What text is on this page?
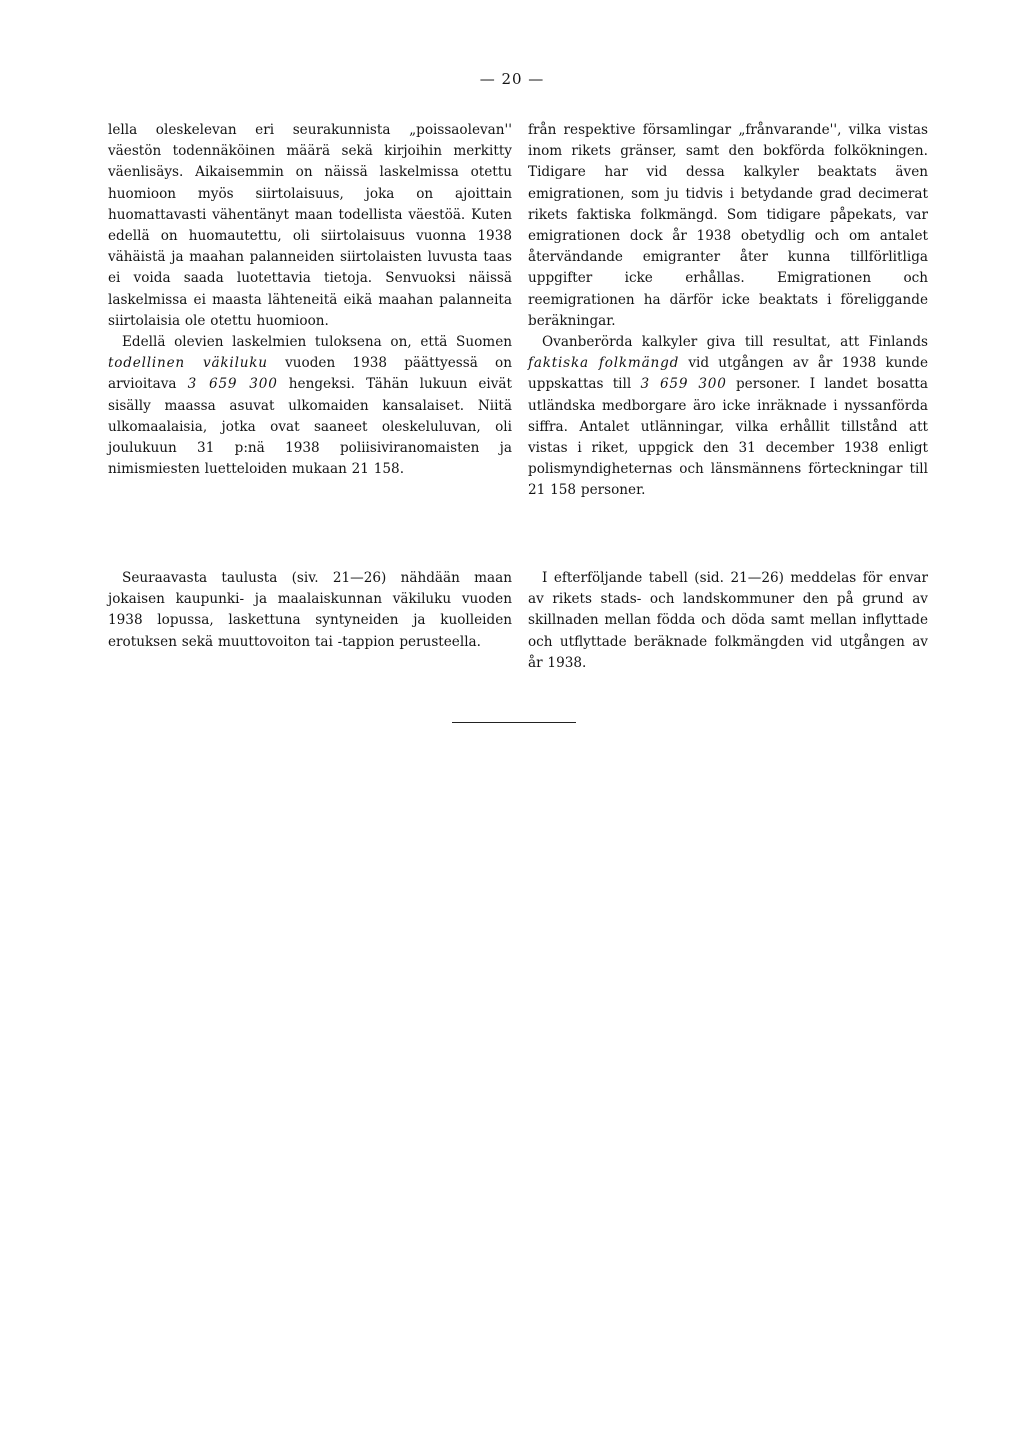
— 20 —

lella oleskelevan eri seurakunnista „poissaolevan'' väestön todennäköinen määrä sekä kirjoihin merkitty väenlisäys. Aikaisemmin on näissä laskelmissa otettu huomioon myös siirtolaisuus, joka on ajoittain huomattavasti vähentänyt maan todellista väestöä. Kuten edellä on huomautettu, oli siirtolaisuus vuonna 1938 vähäistä ja maahan palanneiden siirtolaisten luvusta taas ei voida saada luotettavia tietoja. Senvuoksi näissä laskelmissa ei maasta lähteneitä eikä maahan palanneita siirtolaisia ole otettu huomioon.

Edellä olevien laskelmien tuloksena on, että Suomen todellinen väkiluku vuoden 1938 päättyessä on arvioitava 3 659 300 hengeksi. Tähän lukuun eivät sisälly maassa asuvat ulkomaiden kansalaiset. Niitä ulkomaalaisia, jotka ovat saaneet oleskeluluvan, oli joulukuun 31 p:nä 1938 poliisiviranomaisten ja nimismiesten luetteloiden mukaan 21 158.

från respektive församlingar „frånvarande'', vilka vistas inom rikets gränser, samt den bokförda folkökningen. Tidigare har vid dessa kalkyler beaktats även emigrationen, som ju tidvis i betydande grad decimerat rikets faktiska folkmängd. Som tidigare påpekats, var emigrationen dock år 1938 obetydlig och om antalet återvändande emigranter åter kunna tillförlitliga uppgifter icke erhållas. Emigrationen och reemigrationen ha därför icke beaktats i föreliggande beräkningar.

Ovanberörda kalkyler giva till resultat, att Finlands faktiska folkmängd vid utgången av år 1938 kunde uppskattas till 3 659 300 personer. I landet bosatta utländska medborgare äro icke inräknade i nyssanförda siffra. Antalet utlänningar, vilka erhållit tillstånd att vistas i riket, uppgick den 31 december 1938 enligt polismyndigheternas och länsmännens förteckningar till 21 158 personer.

Seuraavasta taulusta (siv. 21—26) nähdään maan jokaisen kaupunki- ja maalaiskunnan väkiluku vuoden 1938 lopussa, laskettuna syntyneiden ja kuolleiden erotuksen sekä muuttovoiton tai -tappion perusteella.

I efterföljande tabell (sid. 21—26) meddelas för envar av rikets stads- och landskommuner den på grund av skillnaden mellan födda och döda samt mellan inflyttade och utflyttade beräknade folkmängden vid utgången av år 1938.
